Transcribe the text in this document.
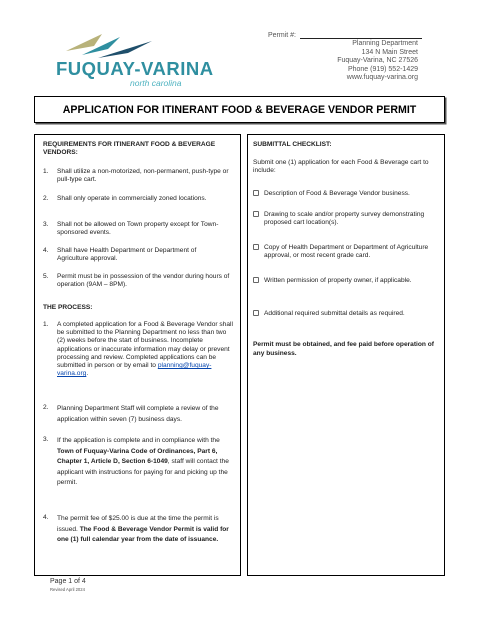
FUQUAY-VARINA
north carolina
Permit #:
Planning Department
134 N Main Street
Fuquay-Varina, NC 27526
Phone (919) 552-1429
www.fuquay-varina.org
APPLICATION FOR ITINERANT FOOD & BEVERAGE VENDOR PERMIT
REQUIREMENTS FOR ITINERANT FOOD & BEVERAGE
VENDORS:
1. Shall utilize a non-motorized, non-permanent, push-type or pull-type cart.
2. Shall only operate in commercially zoned locations.
3. Shall not be allowed on Town property except for Town-sponsored events.
4. Shall have Health Department or Department of Agriculture approval.
5. Permit must be in possession of the vendor during hours of operation (9AM – 8PM).
THE PROCESS:
1. A completed application for a Food & Beverage Vendor shall be submitted to the Planning Department no less than two (2) weeks before the start of business. Incomplete applications or inaccurate information may delay or prevent processing and review. Completed applications can be submitted in person or by email to planning@fuquay-varina.org.
2. Planning Department Staff will complete a review of the application within seven (7) business days.
3. If the application is complete and in compliance with the Town of Fuquay-Varina Code of Ordinances, Part 6, Chapter 1, Article D, Section 6-1049, staff will contact the applicant with instructions for paying for and picking up the permit.
4. The permit fee of $25.00 is due at the time the permit is issued. The Food & Beverage Vendor Permit is valid for one (1) full calendar year from the date of issuance.
SUBMITTAL CHECKLIST:
Submit one (1) application for each Food & Beverage cart to include:
Description of Food & Beverage Vendor business.
Drawing to scale and/or property survey demonstrating proposed cart location(s).
Copy of Health Department or Department of Agriculture approval, or most recent grade card.
Written permission of property owner, if applicable.
Additional required submittal details as required.
Permit must be obtained, and fee paid before operation of any business.
Page 1 of 4
Revised April 2024
